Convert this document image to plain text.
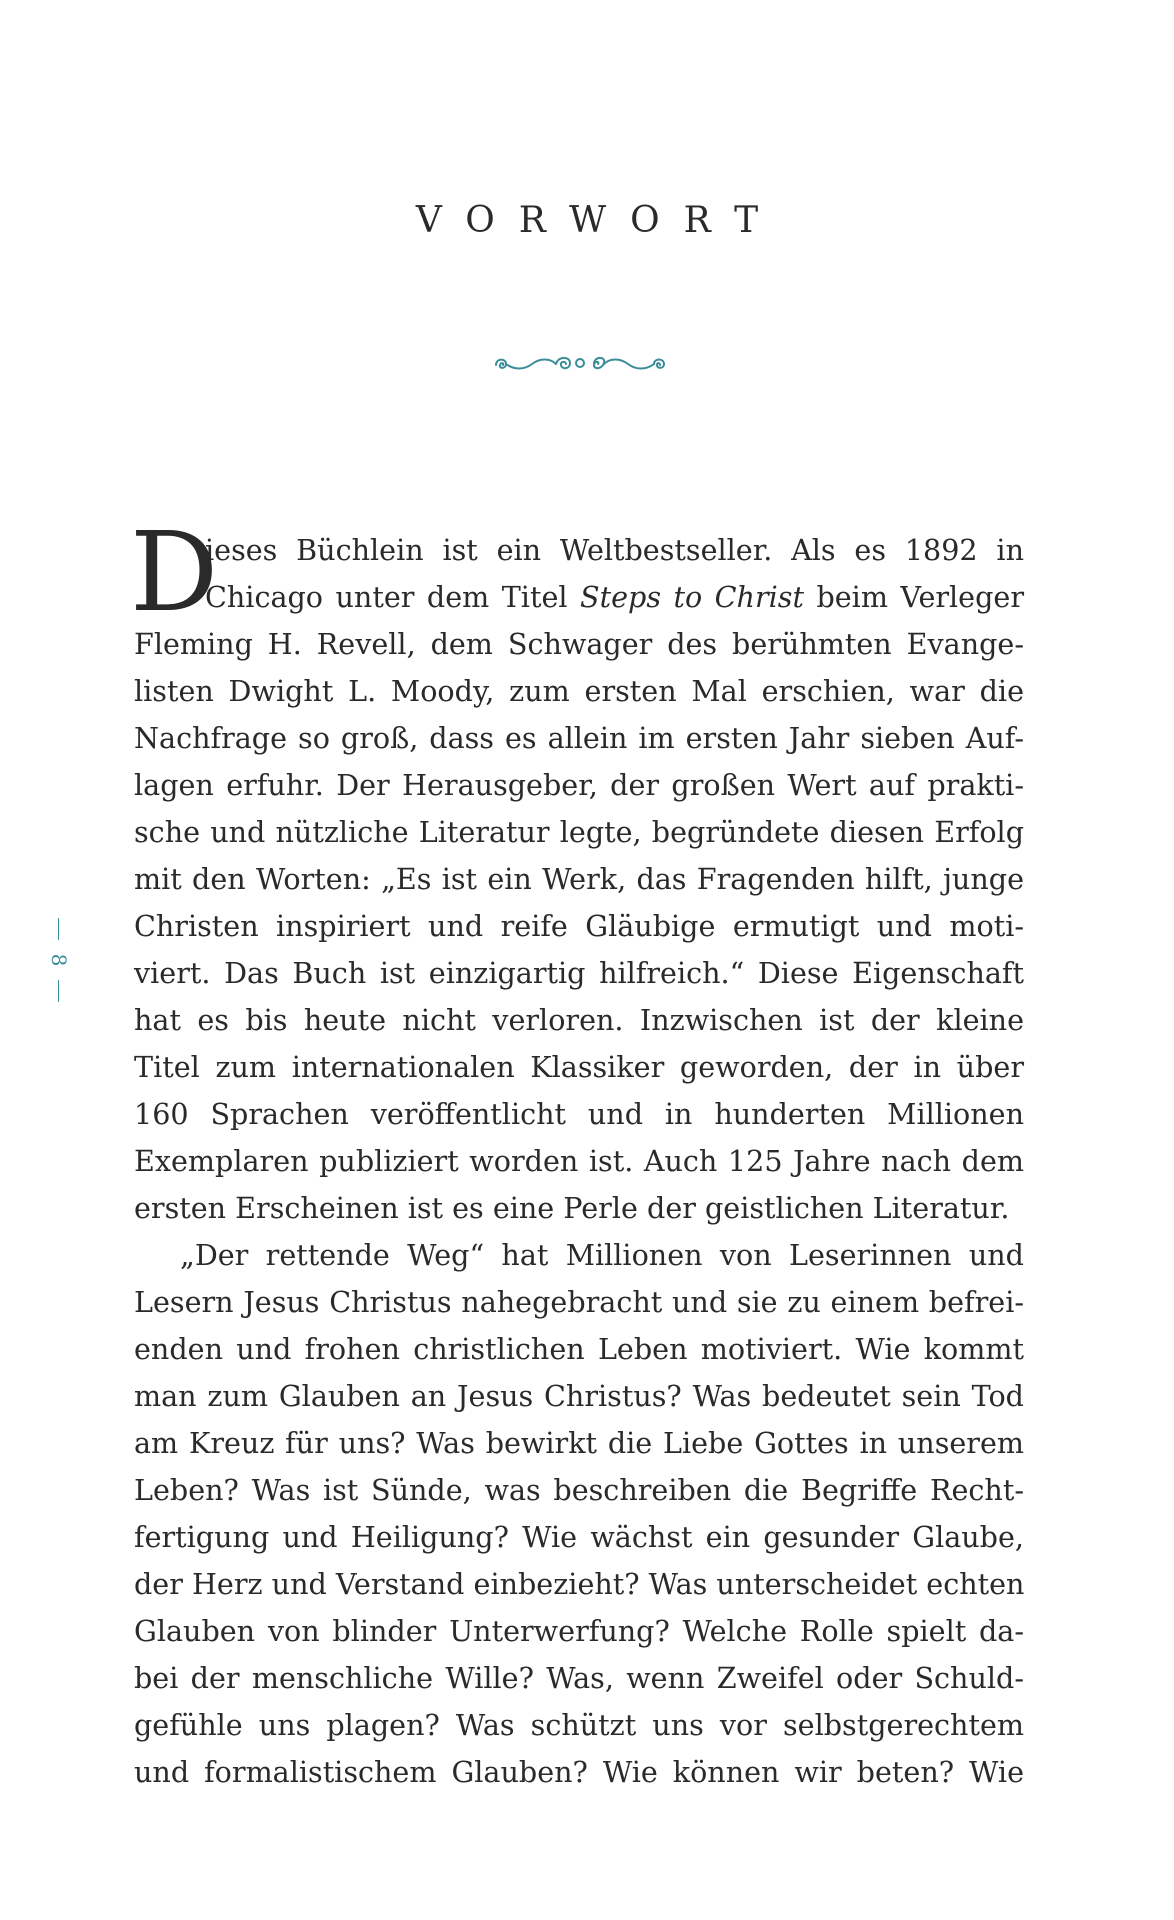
VORWORT
8
D
ieses Büchlein ist ein Weltbestseller. Als es 1892 in
Chicago unter dem Titel Steps to Christ beim Verleger
Fleming H. Revell, dem Schwager des berühmten Evange-
listen Dwight L. Moody, zum ersten Mal erschien, war die
Nachfrage so groß, dass es allein im ersten Jahr sieben Auf-
lagen erfuhr. Der Herausgeber, der großen Wert auf prakti-
sche und nützliche Literatur legte, begründete diesen Erfolg
mit den Worten: „Es ist ein Werk, das Fragenden hilft, junge
Christen inspiriert und reife Gläubige ermutigt und moti-
viert. Das Buch ist einzigartig hilfreich.“ Diese Eigenschaft
hat es bis heute nicht verloren. Inzwischen ist der kleine
Titel zum internationalen Klassiker geworden, der in über
160 Sprachen veröffentlicht und in hunderten Millionen
Exemplaren publiziert worden ist. Auch 125 Jahre nach dem
ersten Erscheinen ist es eine Perle der geistlichen Literatur.
„Der rettende Weg“ hat Millionen von Leserinnen und
Lesern Jesus Christus nahegebracht und sie zu einem befrei-
enden und frohen christlichen Leben motiviert. Wie kommt
man zum Glauben an Jesus Christus? Was bedeutet sein Tod
am Kreuz für uns? Was bewirkt die Liebe Gottes in unserem
Leben? Was ist Sünde, was beschreiben die Begriffe Recht-
fertigung und Heiligung? Wie wächst ein gesunder Glaube,
der Herz und Verstand einbezieht? Was unterscheidet echten
Glauben von blinder Unterwerfung? Welche Rolle spielt da-
bei der menschliche Wille? Was, wenn Zweifel oder Schuld-
gefühle uns plagen? Was schützt uns vor selbstgerechtem
und formalistischem Glauben? Wie können wir beten? Wie
